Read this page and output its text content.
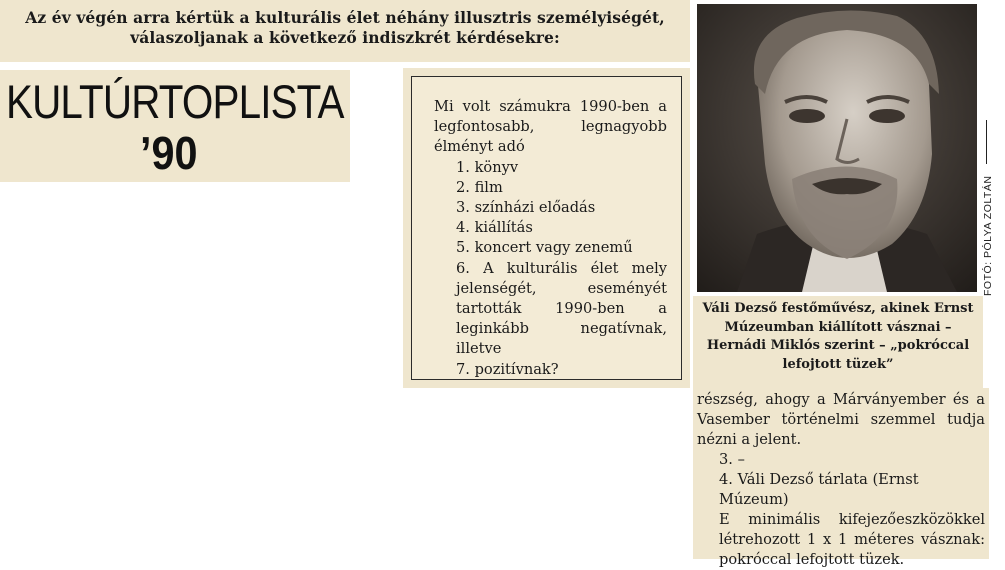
Az év végén arra kértük a kulturális élet néhány illusztris személyiségét,
válaszoljanak a következő indiszkrét kérdésekre:
KULTÚRTOPLISTA
’90

Mi volt számukra 1990-ben a legfontosabb, legnagyobb élményt adó

1. könyv

2. film

3. színházi előadás

4. kiállítás

5. koncert vagy zenemű

6. A kulturális élet mely jelenségét, eseményét tartották 1990-ben a leginkább negatívnak, illetve

7. pozitívnak?

FOTÓ: PÓLYA ZOLTÁN
Váli Dezső festőművész, akinek Ernst Múzeumban kiállított vásznai – Hernádi Miklós szerint – „pokróccal lefojtott tüzek”

részség, ahogy a Márványember és a Vasember történelmi szemmel tudja nézni a jelent.

3. –

4. Váli Dezső tárlata (Ernst Múzeum)

E minimális kifejezőeszközökkel létrehozott 1 x 1 méteres vásznak: pokróccal lefojtott tüzek.
